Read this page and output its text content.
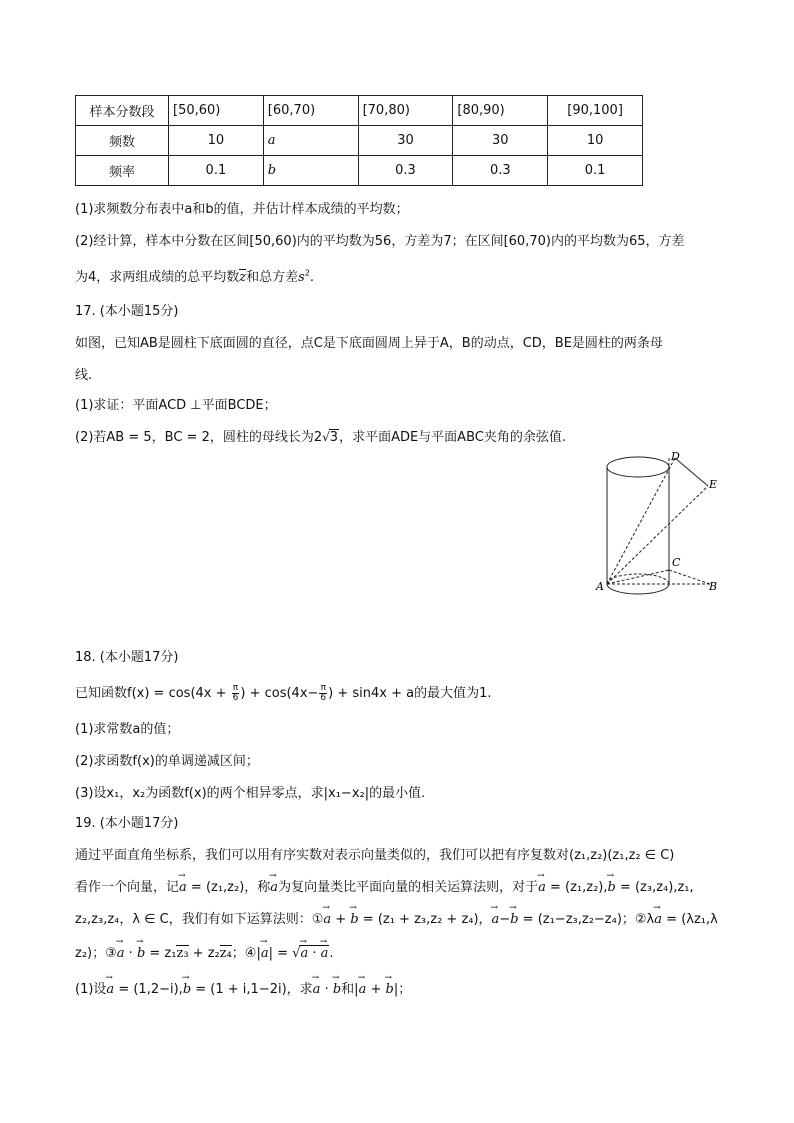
样本分数段	[50,60)	[60,70)	[70,80)	[80,90)	[90,100]
频数	10	a	30	30	10
频率	0.1	b	0.3	0.3	0.1
(1)求频数分布表中a和b的值，并估计样本成绩的平均数；
(2)经计算，样本中分数在区间[50,60)内的平均数为56，方差为7；在区间[60,70)内的平均数为65，方差
为4，求两组成绩的总平均数z和总方差$s^2$.
17. (本小题15分)
如图，已知AB是圆柱下底面圆的直径，点C是下底面圆周上异于A，B的动点，CD，BE是圆柱的两条母
线.
(1)求证：平面ACD ⊥平面BCDE；
(2)若AB = 5，BC = 2，圆柱的母线长为2√3，求平面ADE与平面ABC夹角的余弦值.
D
E
C
A	B
18. (本小题17分)
已知函数$f(x) = \cos(4x + \frac{\pi}{6}$ ) + $\cos(4x- \frac{\pi}{6}$ ) + sin4x + a的最大值为1.
(1)求常数a的值；
(2)求函数f(x)的单调递减区间；
(3)设x₁，x₂为函数f(x)的两个相异零点，求|x₁−x₂|的最小值.
19. (本小题17分)
通过平面直角坐标系，我们可以用有序实数对表示向量类似的，我们可以把有序复数对(z₁,z₂)(z₁,z₂ ∈ C)
看作一个向量，记→ a = (z₁,z₂)，称→ a为复向量类比平面向量的相关运算法则，对于→ a = (z₁,z₂),→ b = (z₃,z₄),z₁,
z₂,z₃,z₄，λ ∈ C，我们有如下运算法则：①→ a + → b = (z₁ + z₃,z₂ + z₄)，→ a−→ b = (z₁−z₃,z₂−z₄)；②λ→ a = (λz₁,λ
z₂)；③→ a · → b = z₁z₃ + z₂z₄；④|→ a| = √→ a · → a.
(1)设→ a = (1,2−i),→ b = (1 + i,1−2i)，求→ a · → b和|→ a + → b|；
